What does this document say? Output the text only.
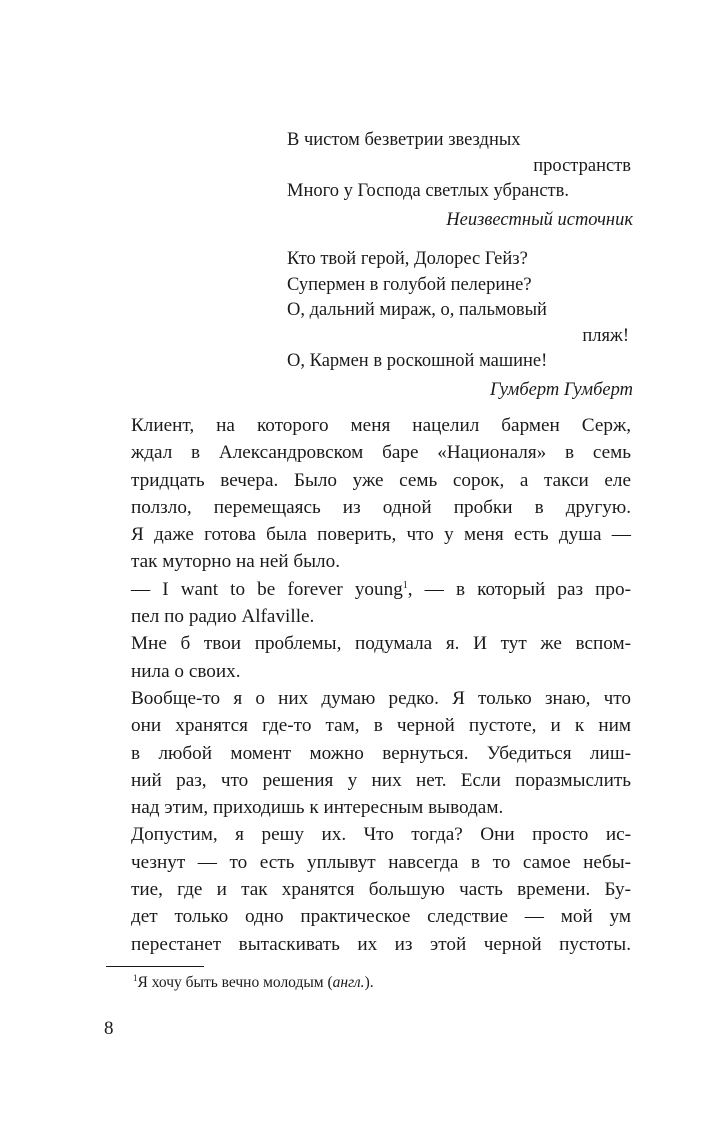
В чистом безветрии звездных
пространств
Много у Господа светлых убранств.
Неизвестный источник
Кто твой герой, Долорес Гейз?
Супермен в голубой пелерине?
О, дальний мираж, о, пальмовый
пляж!
О, Кармен в роскошной машине!
Гумберт Гумберт
Клиент, на которого меня нацелил бармен Серж,
ждал в Александровском баре «Националя» в семь
тридцать вечера. Было уже семь сорок, а такси еле
ползло, перемещаясь из одной пробки в другую.
Я даже готова была поверить, что у меня есть душа —
так муторно на ней было.
— I want to be forever young$^1$, — в который раз про-
пел по радио Alfaville.
Мне б твои проблемы, подумала я. И тут же вспом-
нила о своих.
Вообще-то я о них думаю редко. Я только знаю, что
они хранятся где-то там, в черной пустоте, и к ним
в любой момент можно вернуться. Убедиться лиш-
ний раз, что решения у них нет. Если поразмыслить
над этим, приходишь к интересным выводам.
Допустим, я решу их. Что тогда? Они просто ис-
чезнут — то есть уплывут навсегда в то самое небы-
тие, где и так хранятся большую часть времени. Бу-
дет только одно практическое следствие — мой ум
перестанет вытаскивать их из этой черной пустоты.
$^1$Я хочу быть вечно молодым (англ.).
8
